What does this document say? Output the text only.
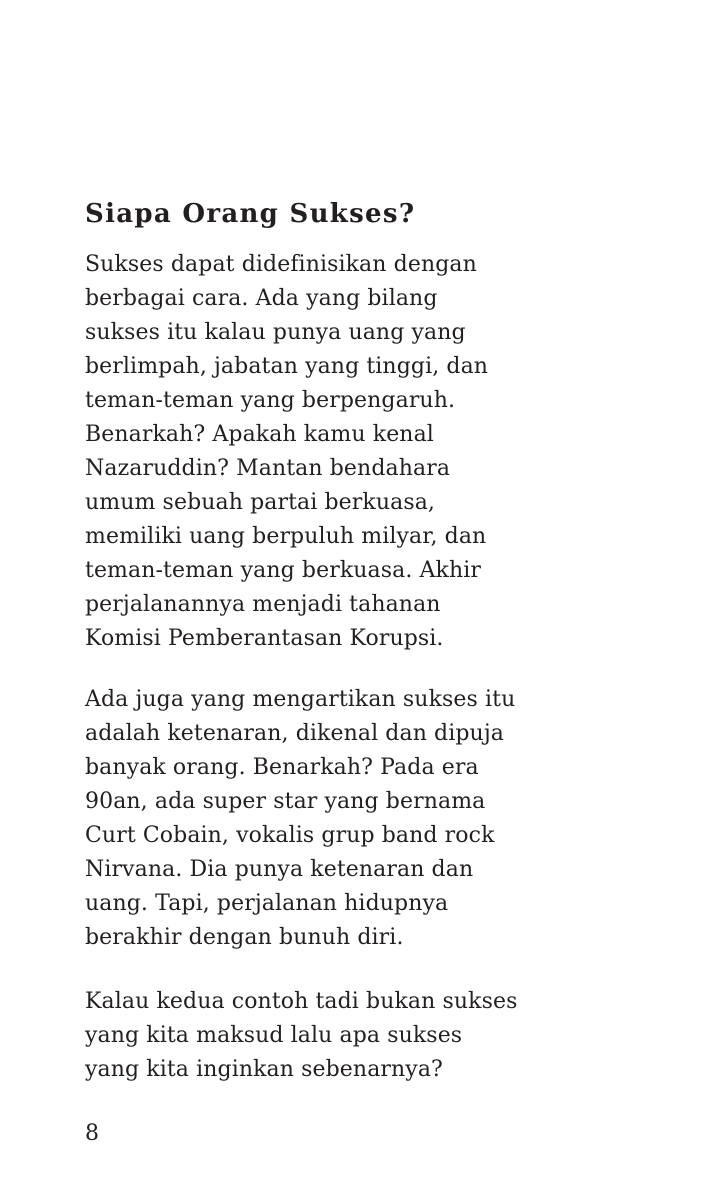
Siapa Orang Sukses?

Sukses dapat didefinisikan dengan
berbagai cara. Ada yang bilang
sukses itu kalau punya uang yang
berlimpah, jabatan yang tinggi, dan
teman-teman yang berpengaruh.
Benarkah? Apakah kamu kenal
Nazaruddin? Mantan bendahara
umum sebuah partai berkuasa,
memiliki uang berpuluh milyar, dan
teman-teman yang berkuasa. Akhir
perjalanannya menjadi tahanan
Komisi Pemberantasan Korupsi.

Ada juga yang mengartikan sukses itu
adalah ketenaran, dikenal dan dipuja
banyak orang. Benarkah? Pada era
90an, ada super star yang bernama
Curt Cobain, vokalis grup band rock
Nirvana. Dia punya ketenaran dan
uang. Tapi, perjalanan hidupnya
berakhir dengan bunuh diri.

Kalau kedua contoh tadi bukan sukses
yang kita maksud lalu apa sukses
yang kita inginkan sebenarnya?

8
